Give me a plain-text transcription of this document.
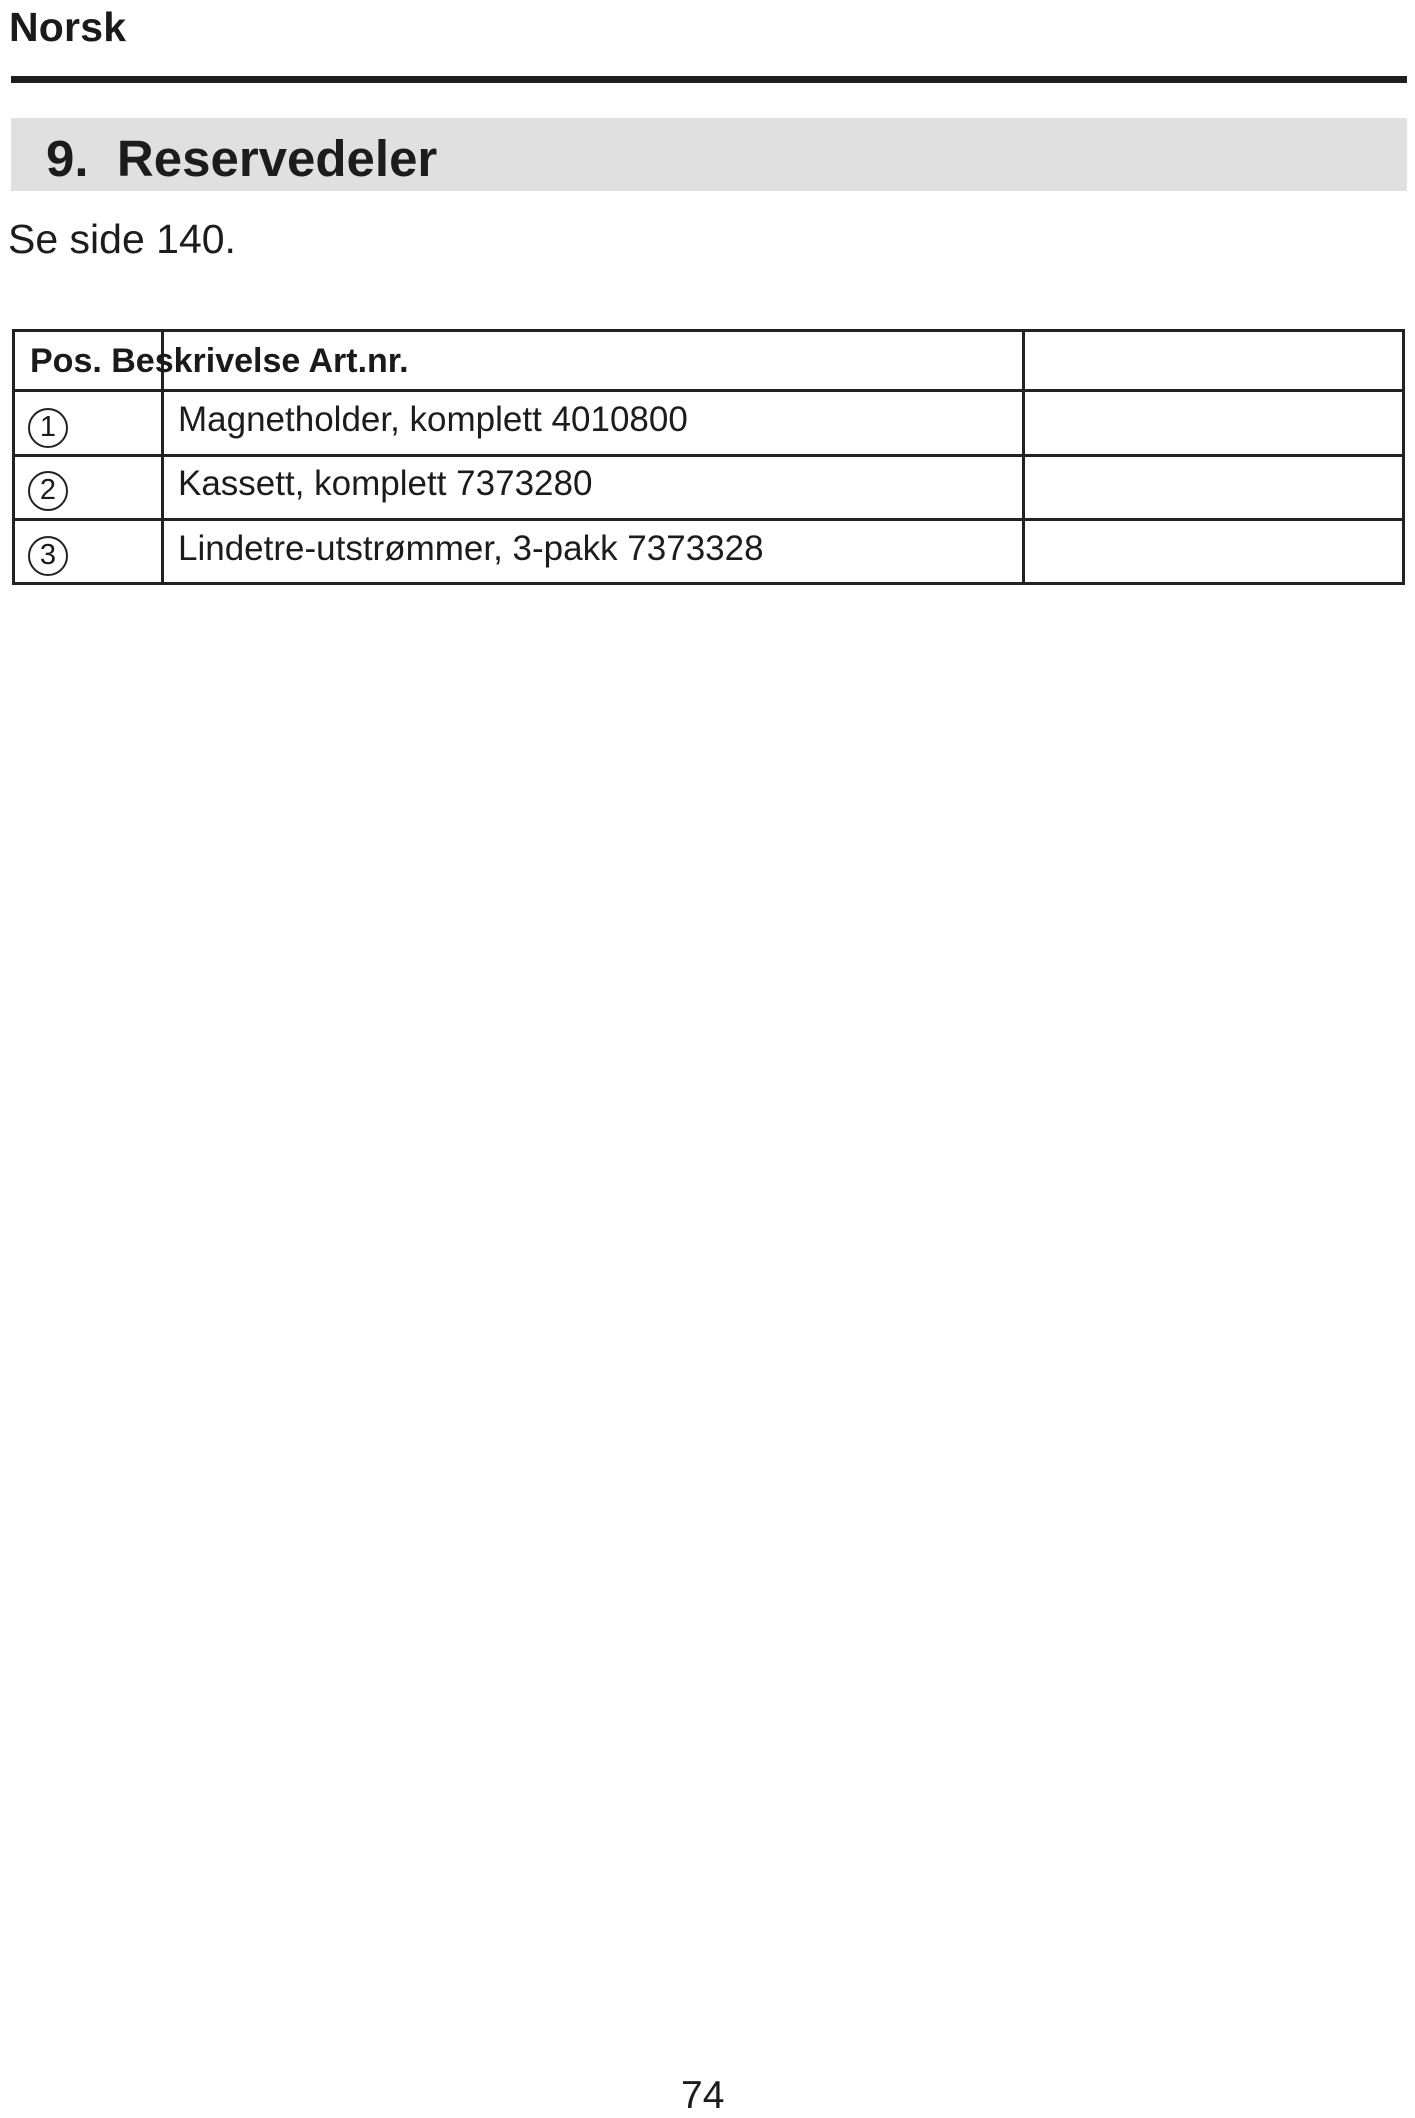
Norsk
9. Reservedeler
Se side 140.
Pos. Beskrivelse Art.nr.
1	Magnetholder, komplett 4010800
2	Kassett, komplett 7373280
3	Lindetre-utstrømmer, 3-pakk 7373328
74
